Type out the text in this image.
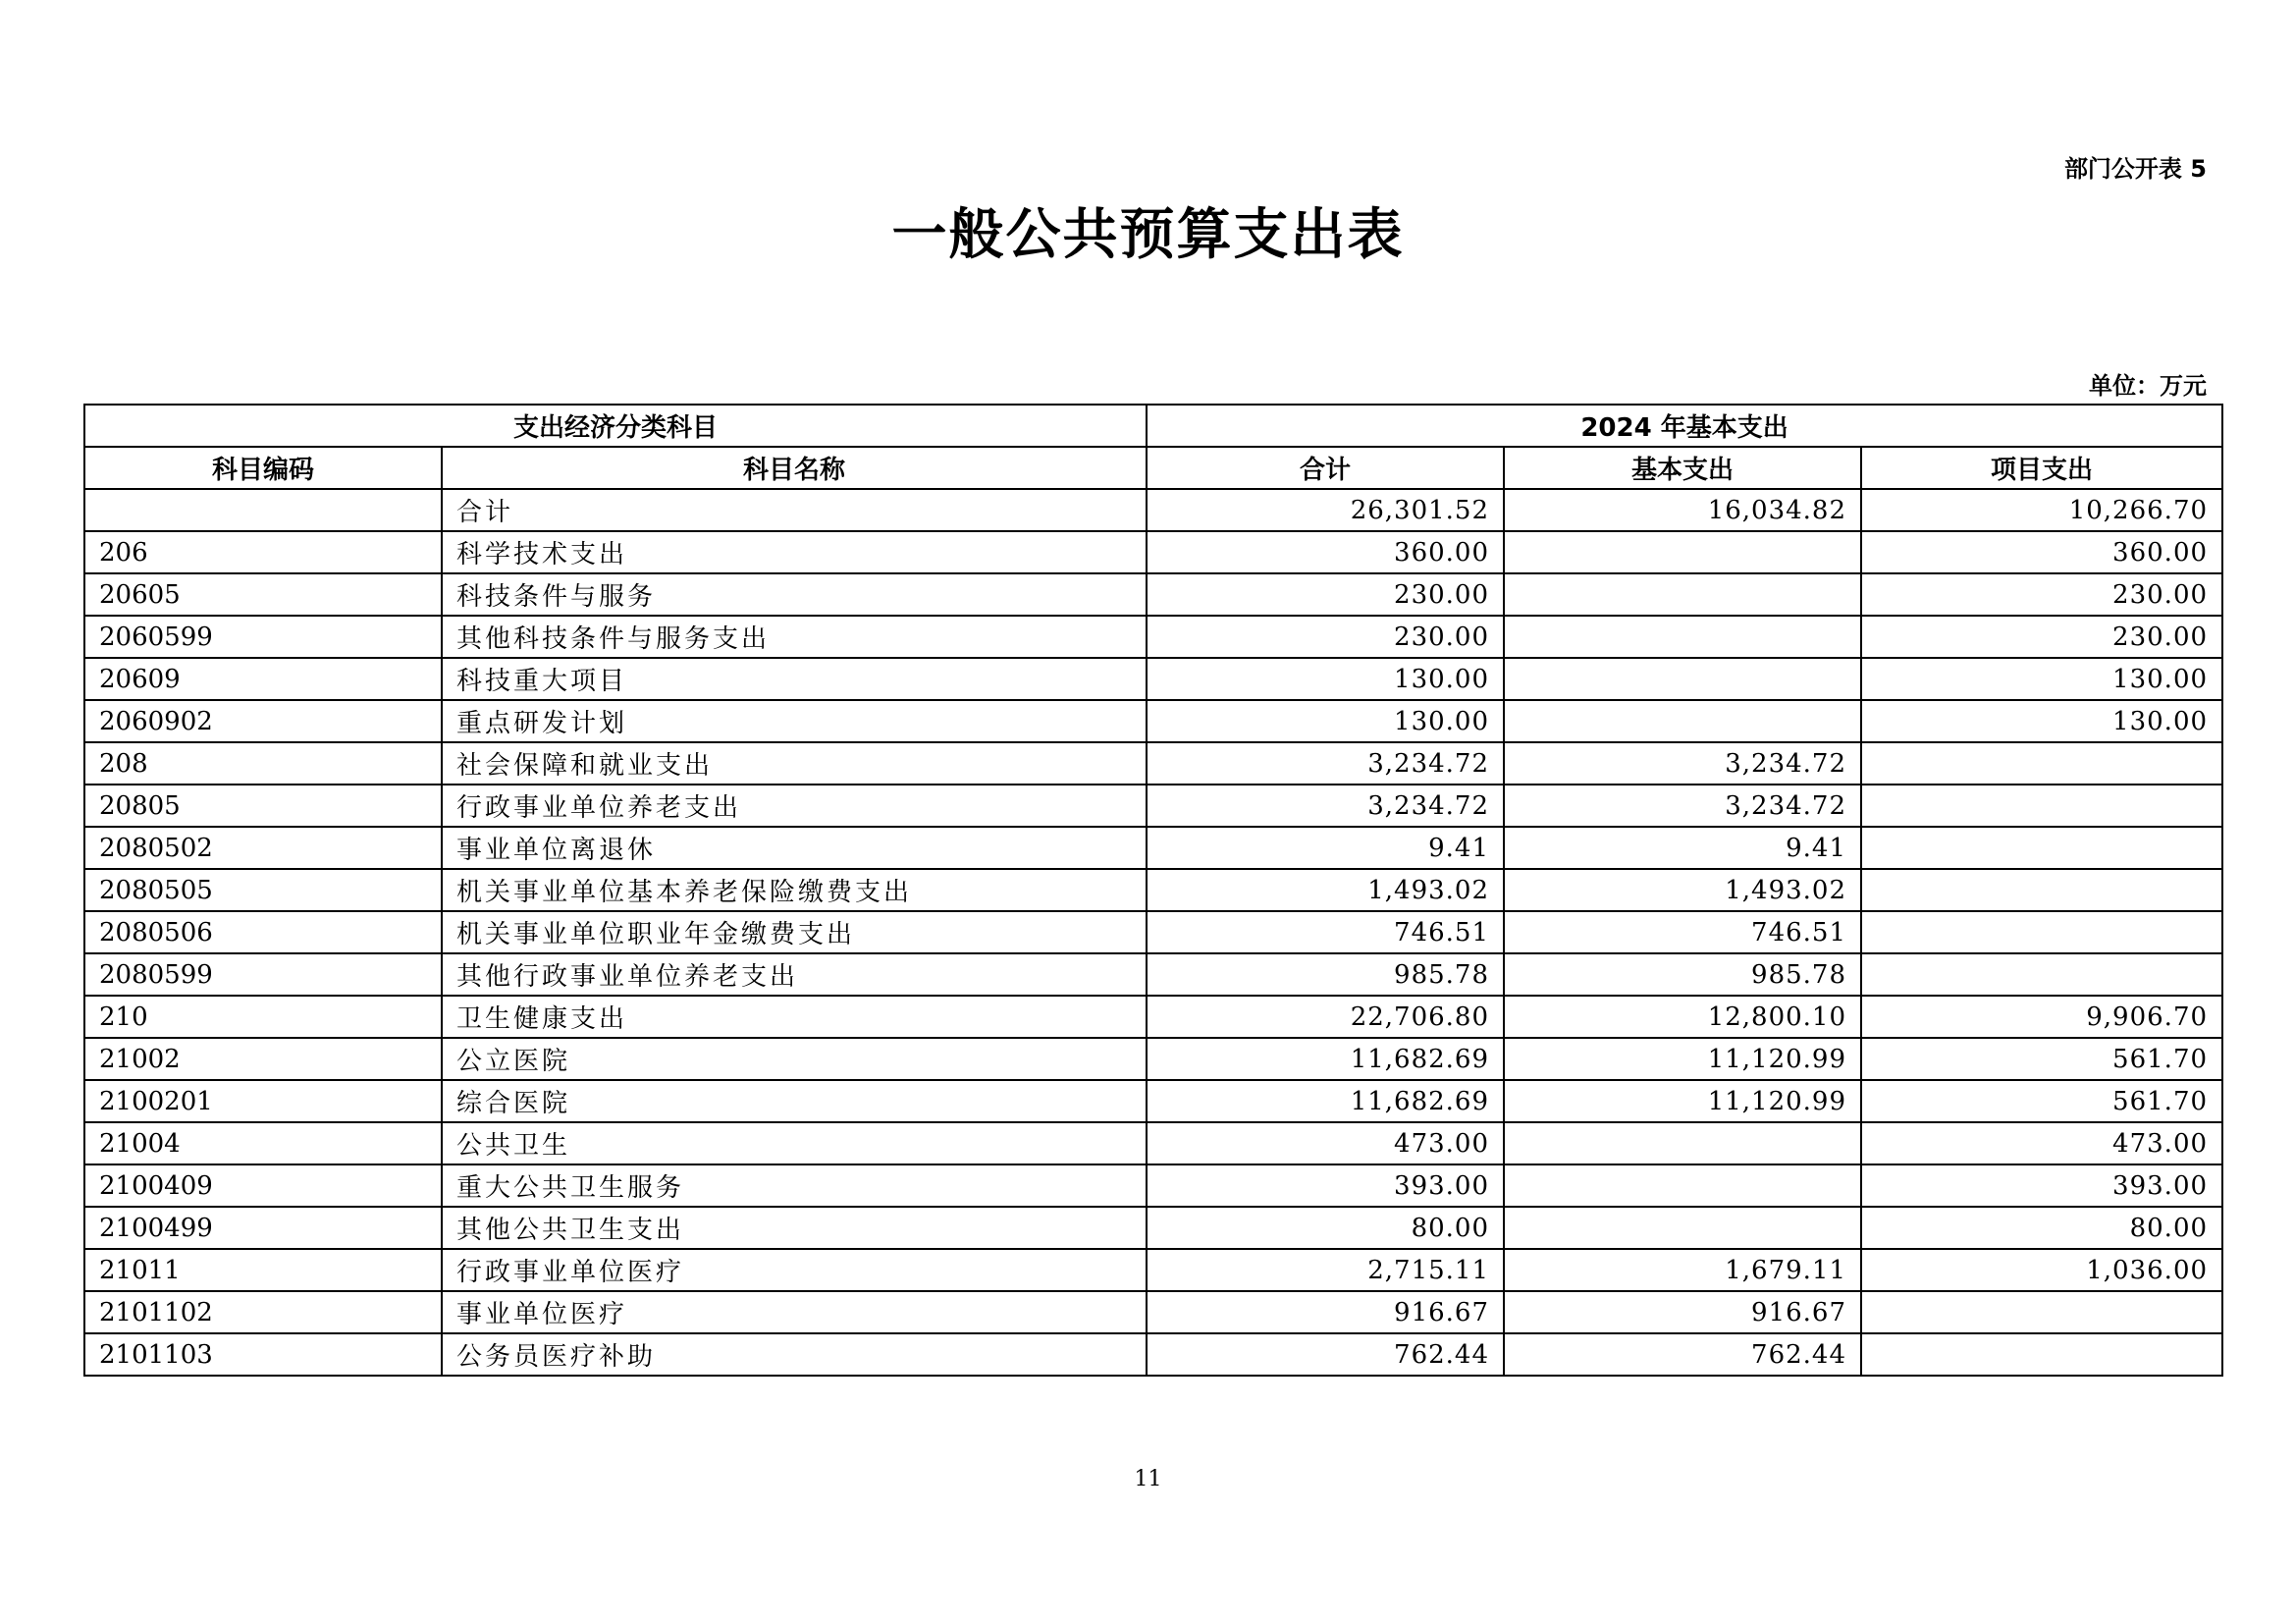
部门公开表 5
一般公共预算支出表
单位：万元
支出经济分类科目		2024 年基本支出		
科目编码	科目名称	合计	基本支出	项目支出
	合计	26,301.52	16,034.82	10,266.70
206	科学技术支出	360.00		360.00
20605	科技条件与服务	230.00		230.00
2060599	其他科技条件与服务支出	230.00		230.00
20609	科技重大项目	130.00		130.00
2060902	重点研发计划	130.00		130.00
208	社会保障和就业支出	3,234.72	3,234.72	
20805	行政事业单位养老支出	3,234.72	3,234.72	
2080502	事业单位离退休	9.41	9.41	
2080505	机关事业单位基本养老保险缴费支出	1,493.02	1,493.02	
2080506	机关事业单位职业年金缴费支出	746.51	746.51	
2080599	其他行政事业单位养老支出	985.78	985.78	
210	卫生健康支出	22,706.80	12,800.10	9,906.70
21002	公立医院	11,682.69	11,120.99	561.70
2100201	综合医院	11,682.69	11,120.99	561.70
21004	公共卫生	473.00		473.00
2100409	重大公共卫生服务	393.00		393.00
2100499	其他公共卫生支出	80.00		80.00
21011	行政事业单位医疗	2,715.11	1,679.11	1,036.00
2101102	事业单位医疗	916.67	916.67	
2101103	公务员医疗补助	762.44	762.44	
11
